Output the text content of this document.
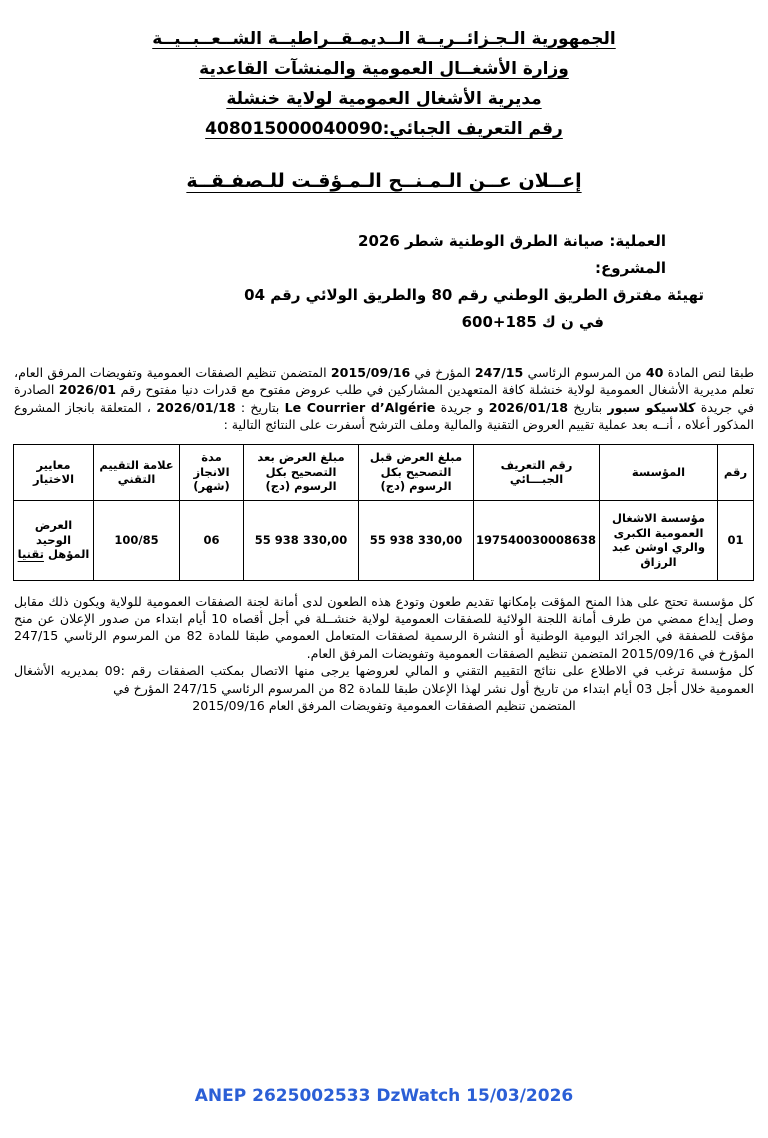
الجمهورية الـجـزائــريــة الــديمـقــراطيــة الشــعــبــيــة
وزارة الأشغــال العمومية والمنشآت القاعدية
مديرية الأشغال العمومية لولاية خنشلة
رقم التعريف الجبائي:408015000040090
إعــلان عــن الـمـنــح الـمـؤقـت للـصفـقــة
العملية: صيانة الطرق الوطنية شطر 2026
المشروع:
تهيئة مفترق الطريق الوطني رقم 80 والطريق الولائي رقم 04
في ن ك 185+600
طبقا لنص المادة 40 من المرسوم الرئاسي 247/15 المؤرخ في 2015/09/16 المتضمن تنظيم الصفقات العمومية وتفويضات المرفق العام، تعلم مديرية الأشغال العمومية لولاية خنشلة كافة المتعهدين المشاركين في طلب عروض مفتوح مع قدرات دنيا مفتوح رقم 2026/01 الصادرة في جريدة كلاسيكو سبور بتاريخ 2026/01/18 و جريدة Le Courrier d’Algérie بتاريخ : 2026/01/18 ، المتعلقة بانجاز المشروع المذكور أعلاه ، أنــه بعد عملية تقييم العروض التقنية والمالية وملف الترشح أسفرت على النتائج التالية :
رقم	المؤسسة	رقم التعريف الجبـــائي	مبلغ العرض قبل التصحيح بكل الرسوم (دج)	مبلغ العرض بعد التصحيح بكل الرسوم (دج)	مدة الانجاز (شهر)	علامة التقييم التقني	معايير الاختيار
01	مؤسسة الاشغال العمومية الكبرى والري اوشن عبد الرزاق	197540030008638	55 938 330,00	55 938 330,00	06	100/85	العرض الوحيد المؤهل تقنيا
كل مؤسسة تحتج على هذا المنح المؤقت بإمكانها تقديم طعون وتودع هذه الطعون لدى أمانة لجنة الصفقات العمومية للولاية ويكون ذلك مقابل وصل إيداع ممضي من طرف أمانة اللجنة الولائية للصفقات العمومية لولاية خنشــلة في أجل أقصاه 10 أيام ابتداء من صدور الإعلان عن منح مؤقت للصفقة في الجرائد اليومية الوطنية أو النشرة الرسمية لصفقات المتعامل العمومي طبقا للمادة 82 من المرسوم الرئاسي 247/15 المؤرخ في 2015/09/16 المتضمن تنظيم الصفقات العمومية وتفويضات المرفق العام.
كل مؤسسة ترغب في الاطلاع على نتائج التقييم التقني و المالي لعروضها يرجى منها الاتصال بمكتب الصفقات رقم :09 بمديريه الأشغال العمومية خلال أجل 03 أيام ابتداء من تاريخ أول نشر لهذا الإعلان طبقا للمادة 82 من المرسوم الرئاسي 247/15 المؤرخ في
المتضمن تنظيم الصفقات العمومية وتفويضات المرفق العام 2015/09/16
ANEP 2625002533 DzWatch 15/03/2026
